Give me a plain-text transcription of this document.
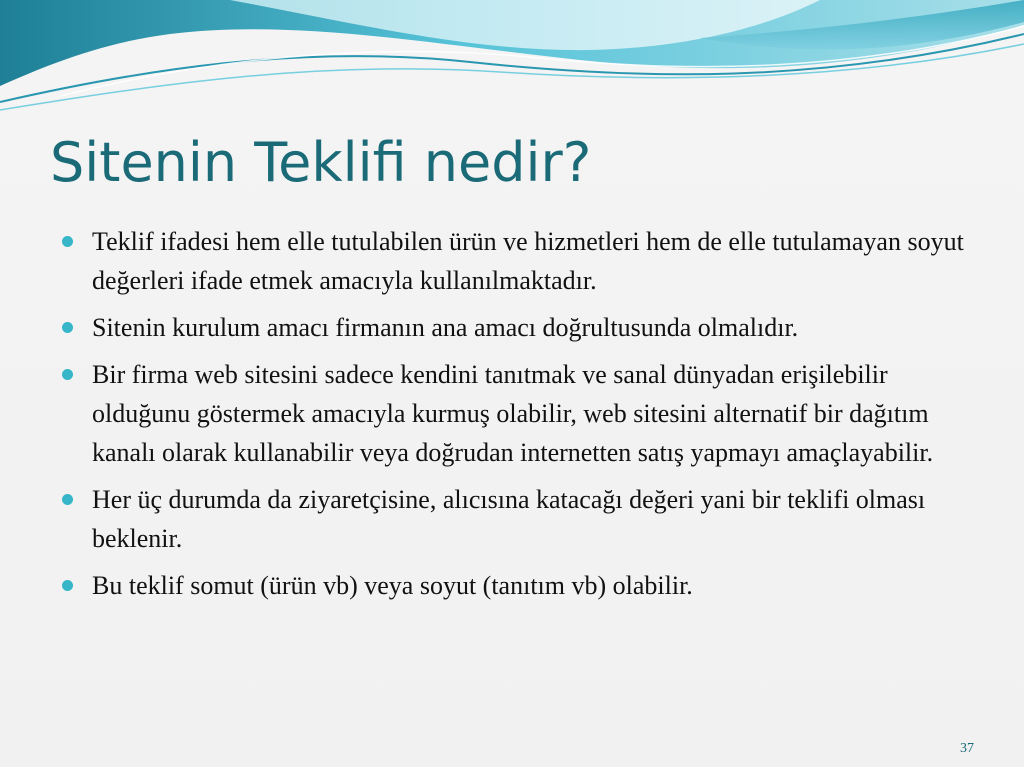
Sitenin Teklifi nedir?
Teklif ifadesi hem elle tutulabilen ürün ve hizmetleri hem de elle tutulamayan soyut değerleri ifade etmek amacıyla kullanılmaktadır.
Sitenin kurulum amacı firmanın ana amacı doğrultusunda olmalıdır.
Bir firma web sitesini sadece kendini tanıtmak ve sanal dünyadan erişilebilir olduğunu göstermek amacıyla kurmuş olabilir, web sitesini alternatif bir dağıtım kanalı olarak kullanabilir veya doğrudan internetten satış yapmayı amaçlayabilir.
Her üç durumda da ziyaretçisine, alıcısına katacağı değeri yani bir teklifi olması beklenir.
Bu teklif somut (ürün vb) veya soyut (tanıtım vb) olabilir.
37
